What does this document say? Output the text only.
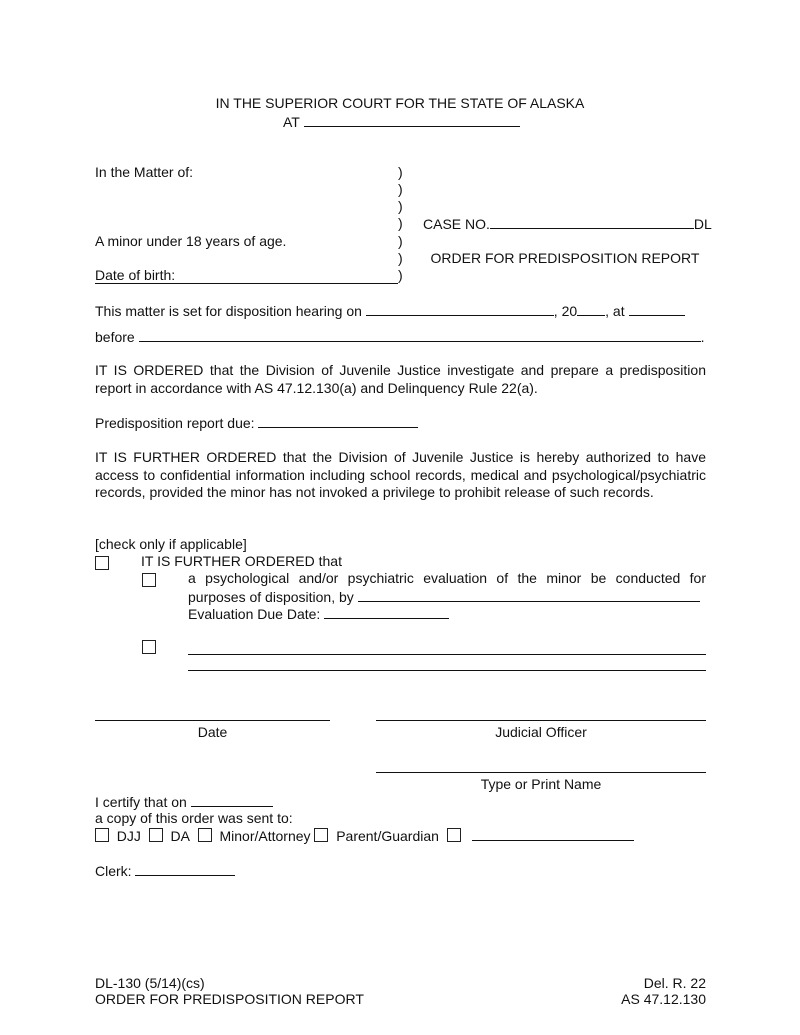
IN THE SUPERIOR COURT FOR THE STATE OF ALASKA
AT
In the Matter of:	)
)
)
)
)
)
)
CASE NO.	DL
A minor under 18 years of age.
ORDER FOR PREDISPOSITION REPORT
Date of birth:
This matter is set for disposition hearing on	, 20 , at
before	.
IT IS ORDERED that the Division of Juvenile Justice investigate and prepare a predisposition report in accordance with AS 47.12.130(a) and Delinquency Rule 22(a).
Predisposition report due:
IT IS FURTHER ORDERED that the Division of Juvenile Justice is hereby authorized to have access to confidential information including school records, medical and psychological/psychiatric records, provided the minor has not invoked a privilege to prohibit release of such records.
[check only if applicable]
IT IS FURTHER ORDERED that
a psychological and/or psychiatric evaluation of the minor be conducted for
purposes of disposition, by
Evaluation Due Date:
Date	Judicial Officer
Type or Print Name
I certify that on
a copy of this order was sent to:
DJJ DA Minor/Attorney Parent/Guardian
Clerk:
DL-130 (5/14)(cs)
ORDER FOR PREDISPOSITION REPORT
Del. R. 22
AS 47.12.130
